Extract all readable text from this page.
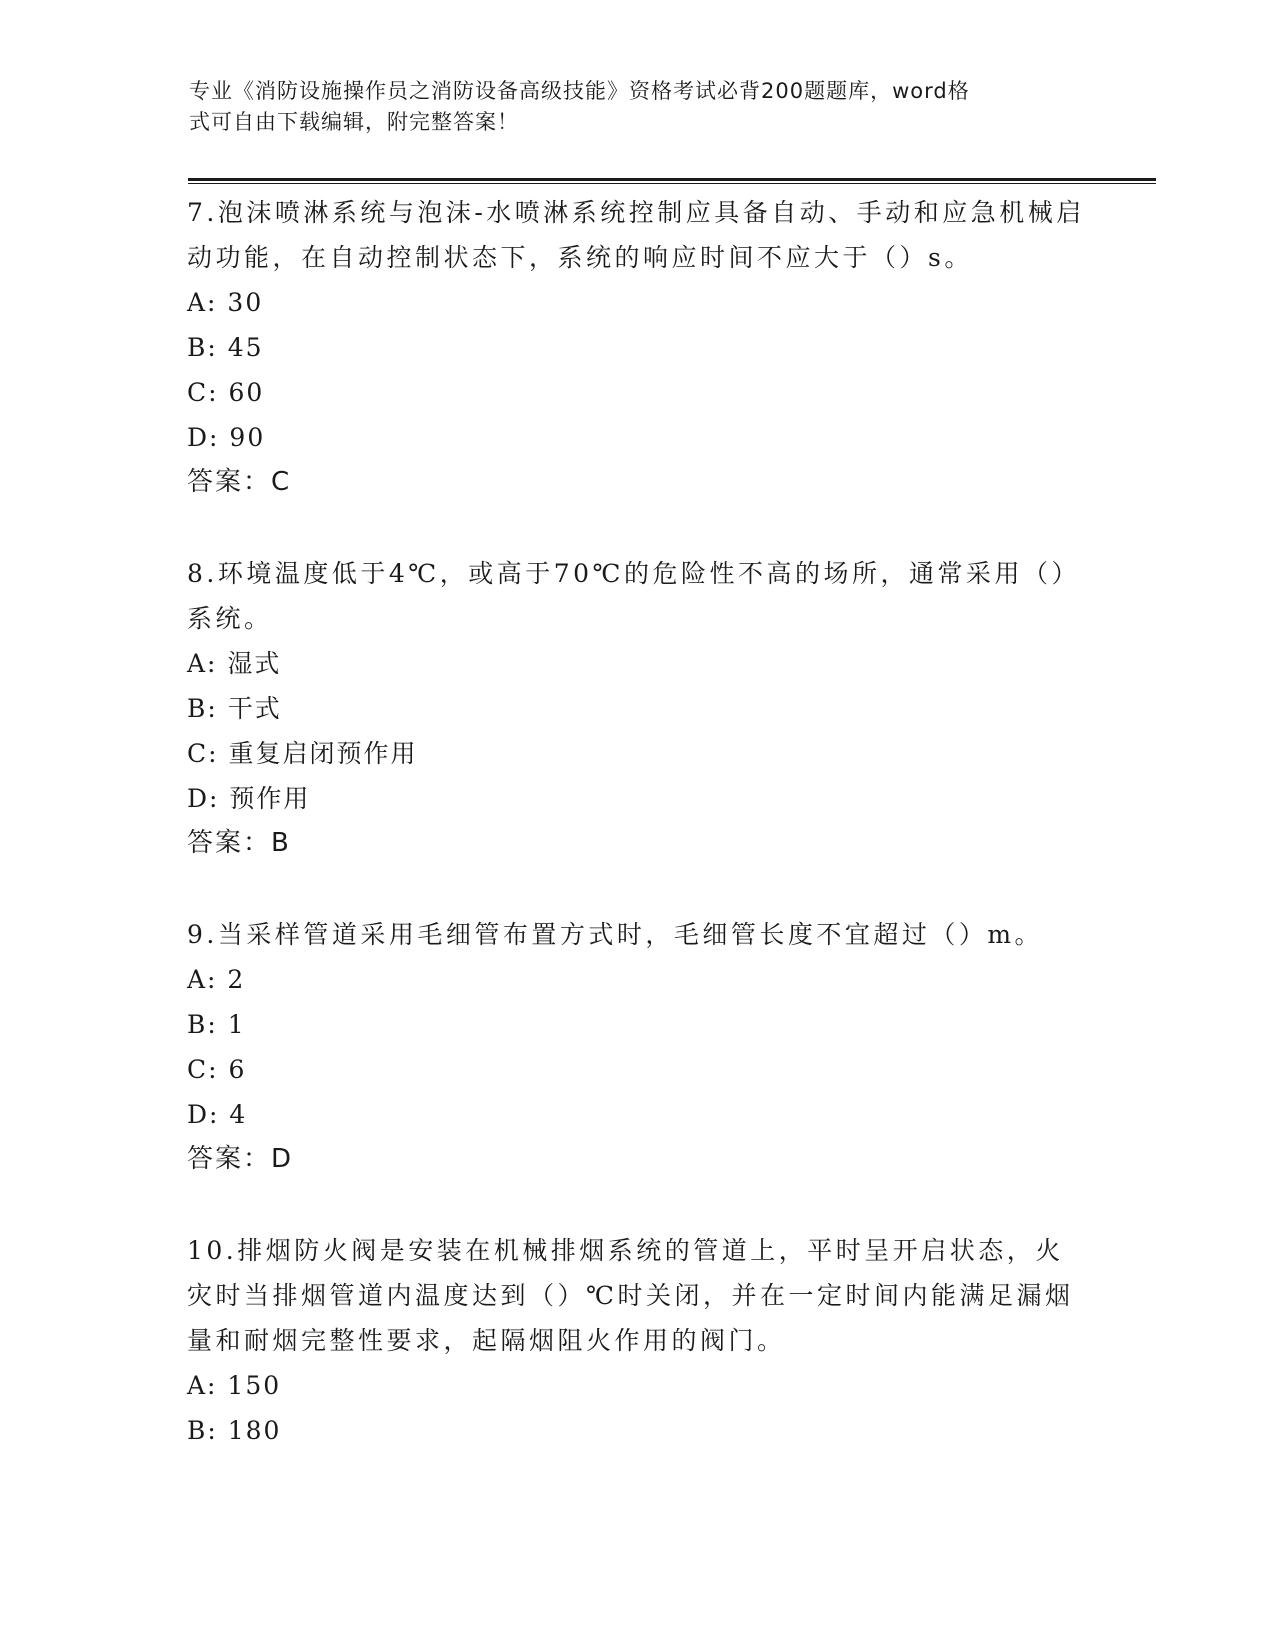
专业《消防设施操作员之消防设备高级技能》资格考试必背200题题库，word格

式可自由下载编辑，附完整答案！

7.泡沫喷淋系统与泡沫-水喷淋系统控制应具备自动、手动和应急机械启动功能，在自动控制状态下，系统的响应时间不应大于（）s。

A: 30

B: 45

C: 60

D: 90

答案：C

8.环境温度低于4℃，或高于70℃的危险性不高的场所，通常采用（）系统。

A: 湿式

B: 干式

C: 重复启闭预作用

D: 预作用

答案：B

9.当采样管道采用毛细管布置方式时，毛细管长度不宜超过（）m。

A: 2

B: 1

C: 6

D: 4

答案：D

10.排烟防火阀是安装在机械排烟系统的管道上，平时呈开启状态，火灾时当排烟管道内温度达到（）℃时关闭，并在一定时间内能满足漏烟量和耐烟完整性要求，起隔烟阻火作用的阀门。

A: 150

B: 180
